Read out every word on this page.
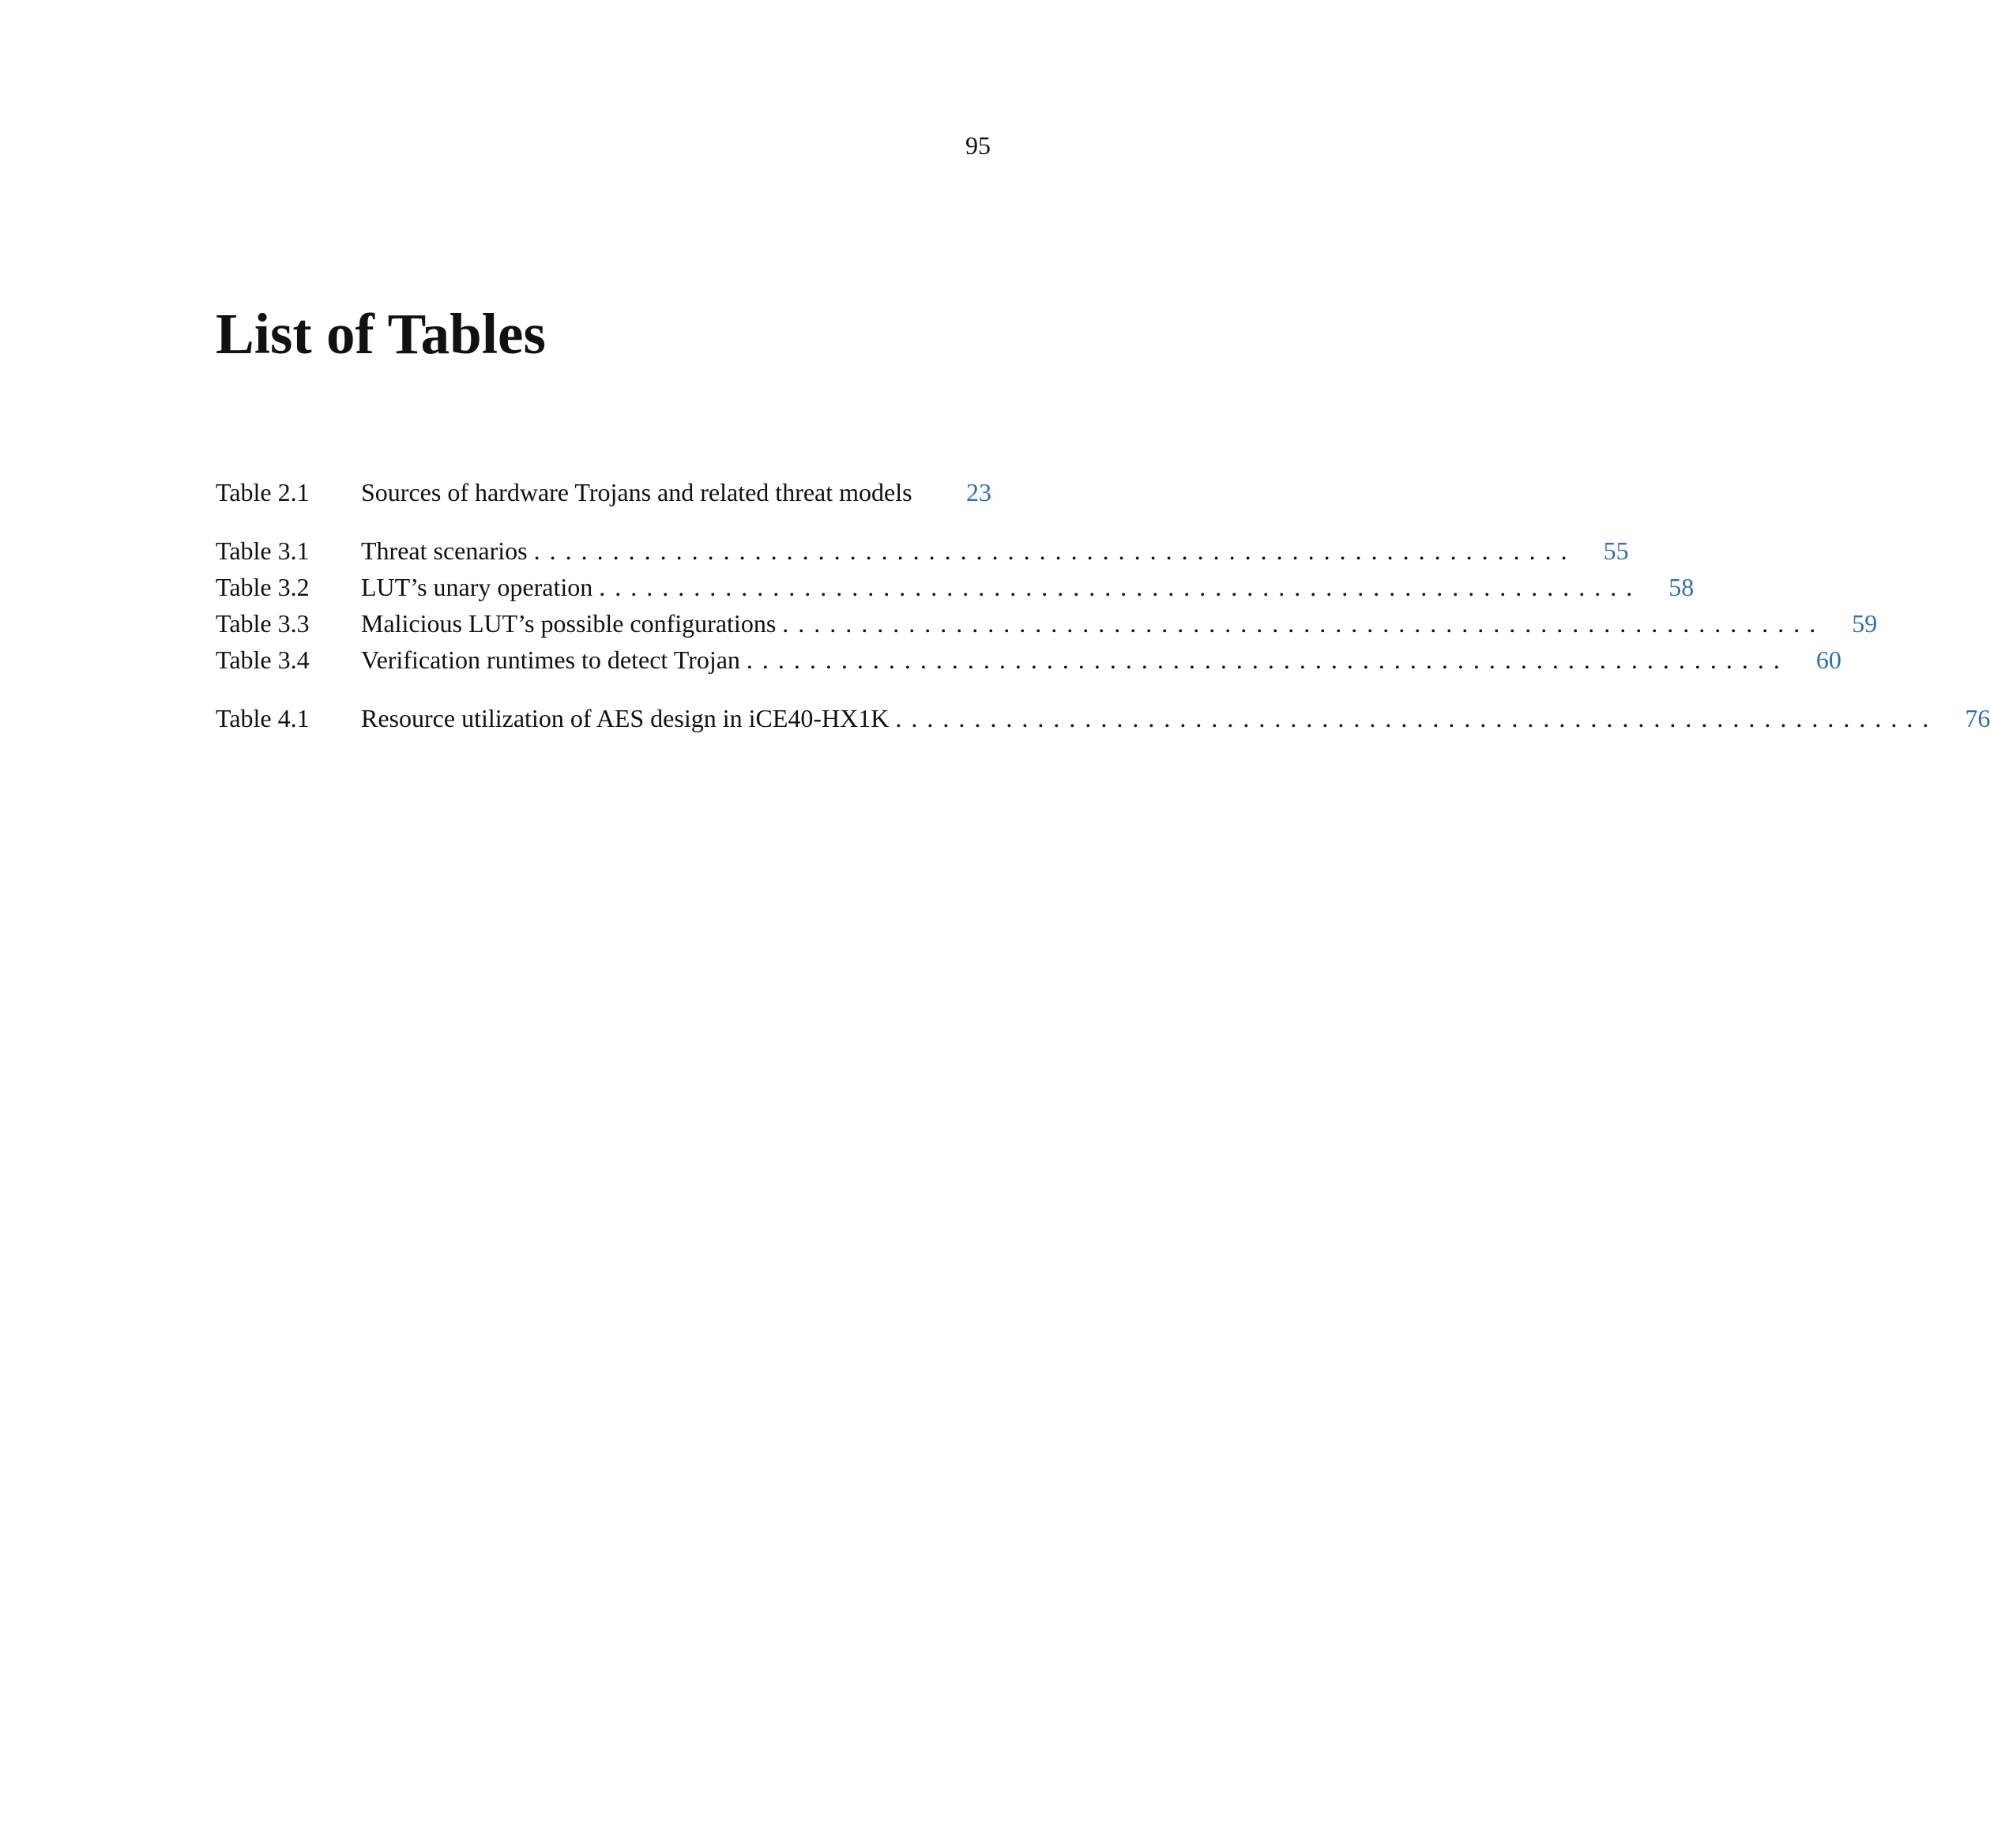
95
List of Tables
Table 2.1	Sources of hardware Trojans and related threat models	23
Table 3.1	Threat scenarios ..................................................................	55
Table 3.2	LUT’s unary operation ..................................................................	58
Table 3.3	Malicious LUT’s possible configurations ..................................................................	59
Table 3.4	Verification runtimes to detect Trojan ..................................................................	60
Table 4.1	Resource utilization of AES design in iCE40-HX1K ..................................................................	76
